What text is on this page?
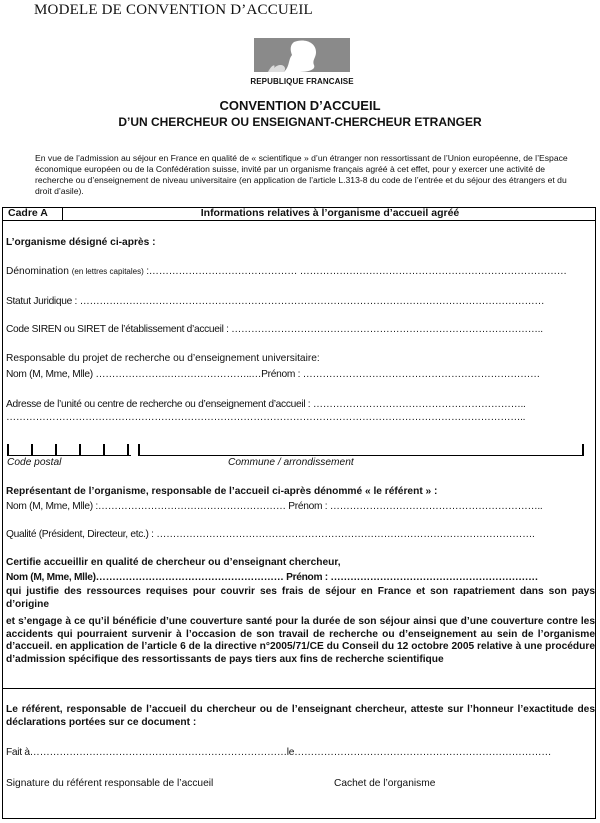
MODELE DE CONVENTION D’ACCUEIL
REPUBLIQUE FRANCAISE
CONVENTION D’ACCUEIL
D’UN CHERCHEUR OU ENSEIGNANT-CHERCHEUR ETRANGER
En vue de l’admission au séjour en France en qualité de « scientifique » d’un étranger non ressortissant de l’Union européenne, de l’Espace économique européen ou de la Confédération suisse, invité par un organisme français agréé à cet effet, pour y exercer une activité de recherche ou d’enseignement de niveau universitaire (en application de l’article L.313-8 du code de l’entrée et du séjour des étrangers et du droit d’asile).
Cadre A	Informations relatives à l’organisme d’accueil agréé
L’organisme désigné ci-après :
Dénomination (en lettres capitales) :……………………………………… ………………………………………………………………………
Statut Juridique : ……………………………………………………………………………………………………………………………
Code SIREN ou SIRET de l’établissement d’accueil : …………………………………………………………………………………..
Responsable du projet de recherche ou d’enseignement universitaire:
Nom (M, Mme, Mlle) ………………….……………………..…Prénom : ………………………………………………………………
Adresse de l’unité ou centre de recherche ou d’enseignement d’accueil : ………………………………………………………..
…………………………………………………………………………………………………………………………………………..
Code postal	Commune / arrondissement
Représentant de l’organisme, responsable de l’accueil ci-après dénommé « le référent » :
Nom (M, Mme, Mlle) :………………………………………………… Prénom : ………………………………………………………..
Qualité (Président, Directeur, etc.) : …………………………………………………………………………………………………….
Certifie accueillir en qualité de chercheur ou d’enseignant chercheur,
Nom (M, Mme, Mlle)………………………………………………… Prénom : ………………………………………………………
qui justifie des ressources requises pour couvrir ses frais de séjour en France et son rapatriement dans son pays d’origine
et s’engage à ce qu’il bénéficie d’une couverture santé pour la durée de son séjour ainsi que d’une couverture contre les accidents qui pourraient survenir à l’occasion de son travail de recherche ou d’enseignement au sein de l’organisme d’accueil. en application de l’article 6 de la directive n°2005/71/CE du Conseil du 12 octobre 2005 relative à une procédure d’admission spécifique des ressortissants de pays tiers aux fins de recherche scientifique
Le référent, responsable de l’accueil du chercheur ou de l’enseignant chercheur, atteste sur l’honneur l’exactitude des déclarations portées sur ce document :
Fait à……………………………………………………………………le……………………………………………………………………
Signature du référent responsable de l’accueil	Cachet de l’organisme
